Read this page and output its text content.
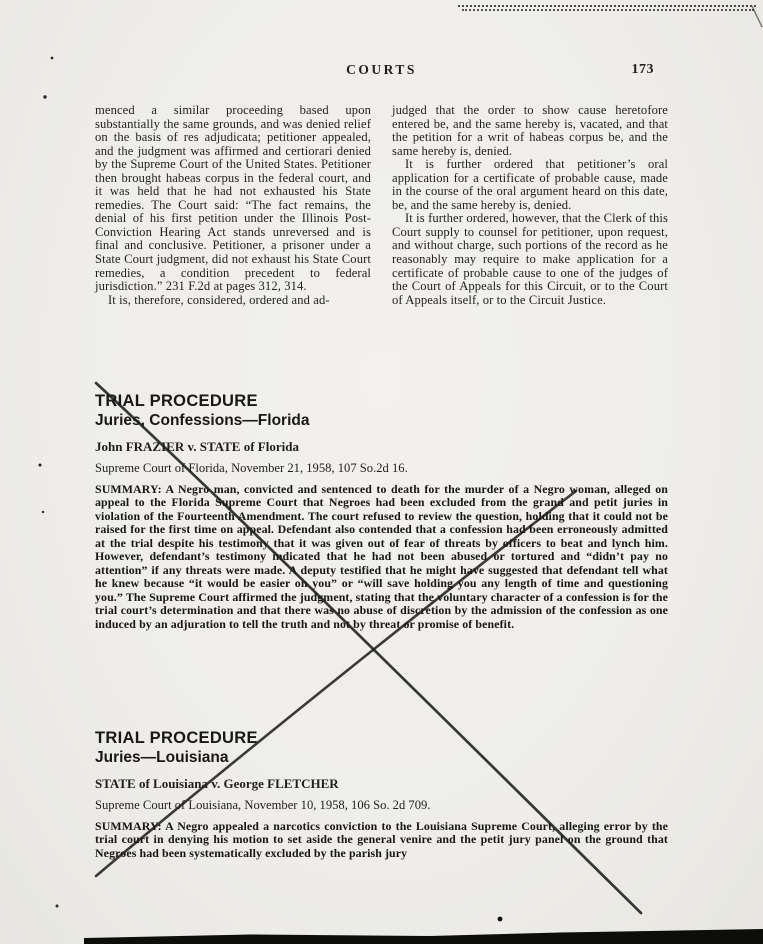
COURTS	173

menced a similar proceeding based upon substantially the same grounds, and was denied relief on the basis of res adjudicata; petitioner appealed, and the judgment was affirmed and certiorari denied by the Supreme Court of the United States. Petitioner then brought habeas corpus in the federal court, and it was held that he had not exhausted his State remedies. The Court said: “The fact remains, the denial of his first petition under the Illinois Post-Conviction Hearing Act stands unreversed and is final and conclusive. Petitioner, a prisoner under a State Court judgment, did not exhaust his State Court remedies, a condition precedent to federal jurisdiction.” 231 F.2d at pages 312, 314.

It is, therefore, considered, ordered and ad-

judged that the order to show cause heretofore entered be, and the same hereby is, vacated, and that the petition for a writ of habeas corpus be, and the same hereby is, denied.

It is further ordered that petitioner’s oral application for a certificate of probable cause, made in the course of the oral argument heard on this date, be, and the same hereby is, denied.

It is further ordered, however, that the Clerk of this Court supply to counsel for petitioner, upon request, and without charge, such portions of the record as he reasonably may require to make application for a certificate of probable cause to one of the judges of the Court of Appeals for this Circuit, or to the Court of Appeals itself, or to the Circuit Justice.

TRIAL PROCEDURE
Juries, Confessions—Florida

John FRAZIER v. STATE of Florida

Supreme Court of Florida, November 21, 1958, 107 So.2d 16.

SUMMARY: A Negro man, convicted and sentenced to death for the murder of a Negro woman, alleged on appeal to the Florida Supreme Court that Negroes had been excluded from the grand and petit juries in violation of the Fourteenth Amendment. The court refused to review the question, holding that it could not be raised for the first time on appeal. Defendant also contended that a confession had been erroneously admitted at the trial despite his testimony that it was given out of fear of threats by officers to beat and lynch him. However, defendant’s testimony indicated that he had not been abused or tortured and “didn’t pay no attention” if any threats were made. A deputy testified that he might have suggested that defendant tell what he knew because “it would be easier on you” or “will save holding you any length of time and questioning you.” The Supreme Court affirmed the judgment, stating that the voluntary character of a confession is for the trial court’s determination and that there was no abuse of discretion by the admission of the confession as one induced by an adjuration to tell the truth and not by threat or promise of benefit.

TRIAL PROCEDURE
Juries—Louisiana

STATE of Louisiana v. George FLETCHER

Supreme Court of Louisiana, November 10, 1958, 106 So. 2d 709.

SUMMARY: A Negro appealed a narcotics conviction to the Louisiana Supreme Court, alleging error by the trial court in denying his motion to set aside the general venire and the petit jury panel on the ground that Negroes had been systematically excluded by the parish jury
